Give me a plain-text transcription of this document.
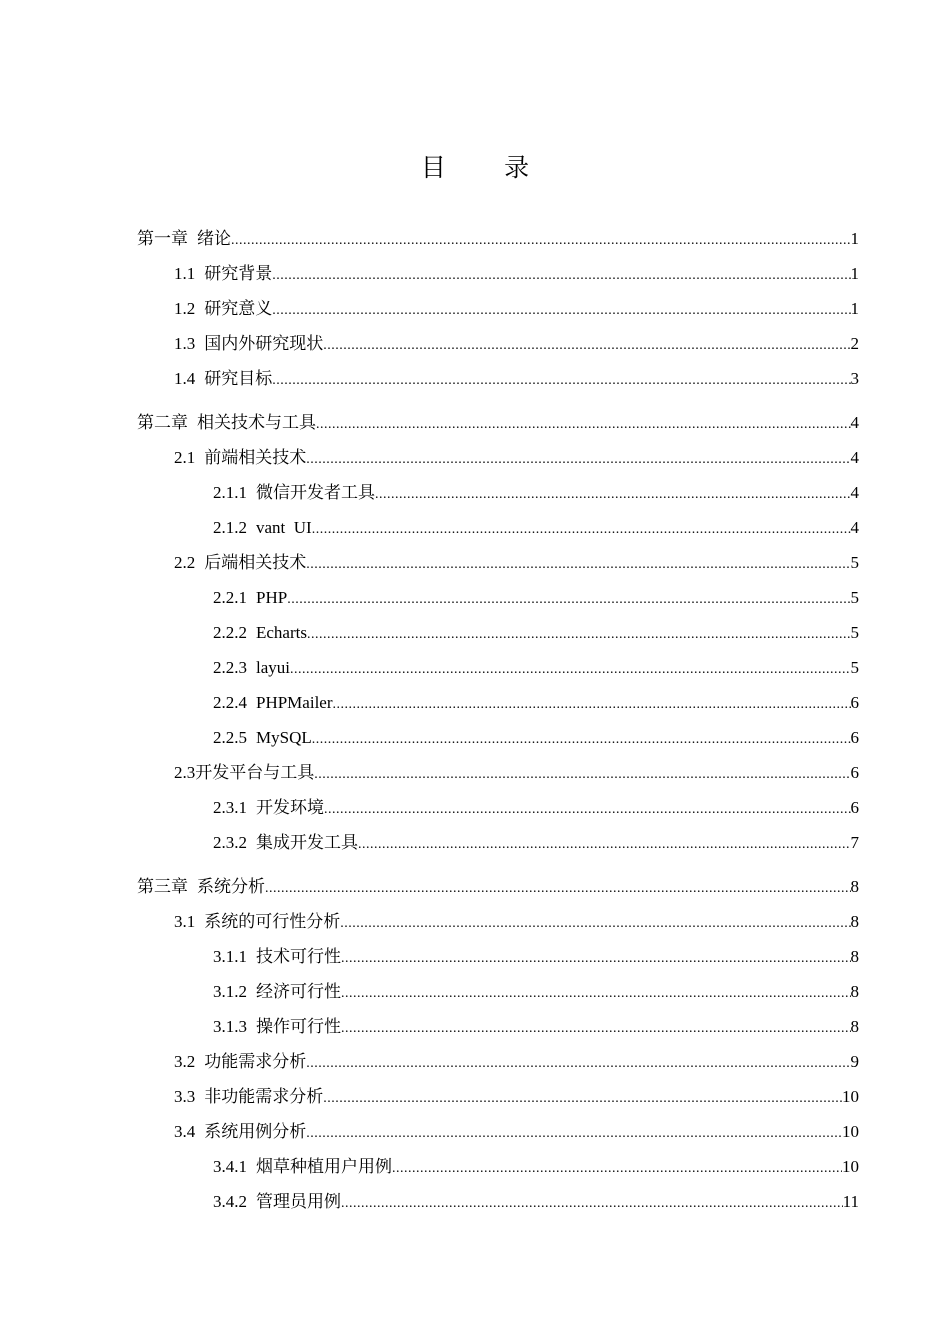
目 录
第一章 绪论 .....	1
1.1 研究背景 .....	1
1.2 研究意义 .....	1
1.3 国内外研究现状 .....	2
1.4 研究目标 .....	3
第二章 相关技术与工具 .....	4
2.1 前端相关技术 .....	4
2.1.1 微信开发者工具 .....	4
2.1.2 vant  UI .....	4
2.2 后端相关技术 .....	5
2.2.1 PHP .....	5
2.2.2 Echarts .....	5
2.2.3 layui .....	5
2.2.4 PHPMailer .....	6
2.2.5 MySQL .....	6
2.3开发平台与工具 .....	6
2.3.1 开发环境 .....	6
2.3.2 集成开发工具 .....	7
第三章 系统分析 .....	8
3.1 系统的可行性分析 .....	8
3.1.1 技术可行性 .....	8
3.1.2 经济可行性 .....	8
3.1.3 操作可行性 .....	8
3.2 功能需求分析 .....	9
3.3 非功能需求分析 .....	10
3.4 系统用例分析 .....	10
3.4.1 烟草种植用户用例 .....	10
3.4.2 管理员用例 .....	11
